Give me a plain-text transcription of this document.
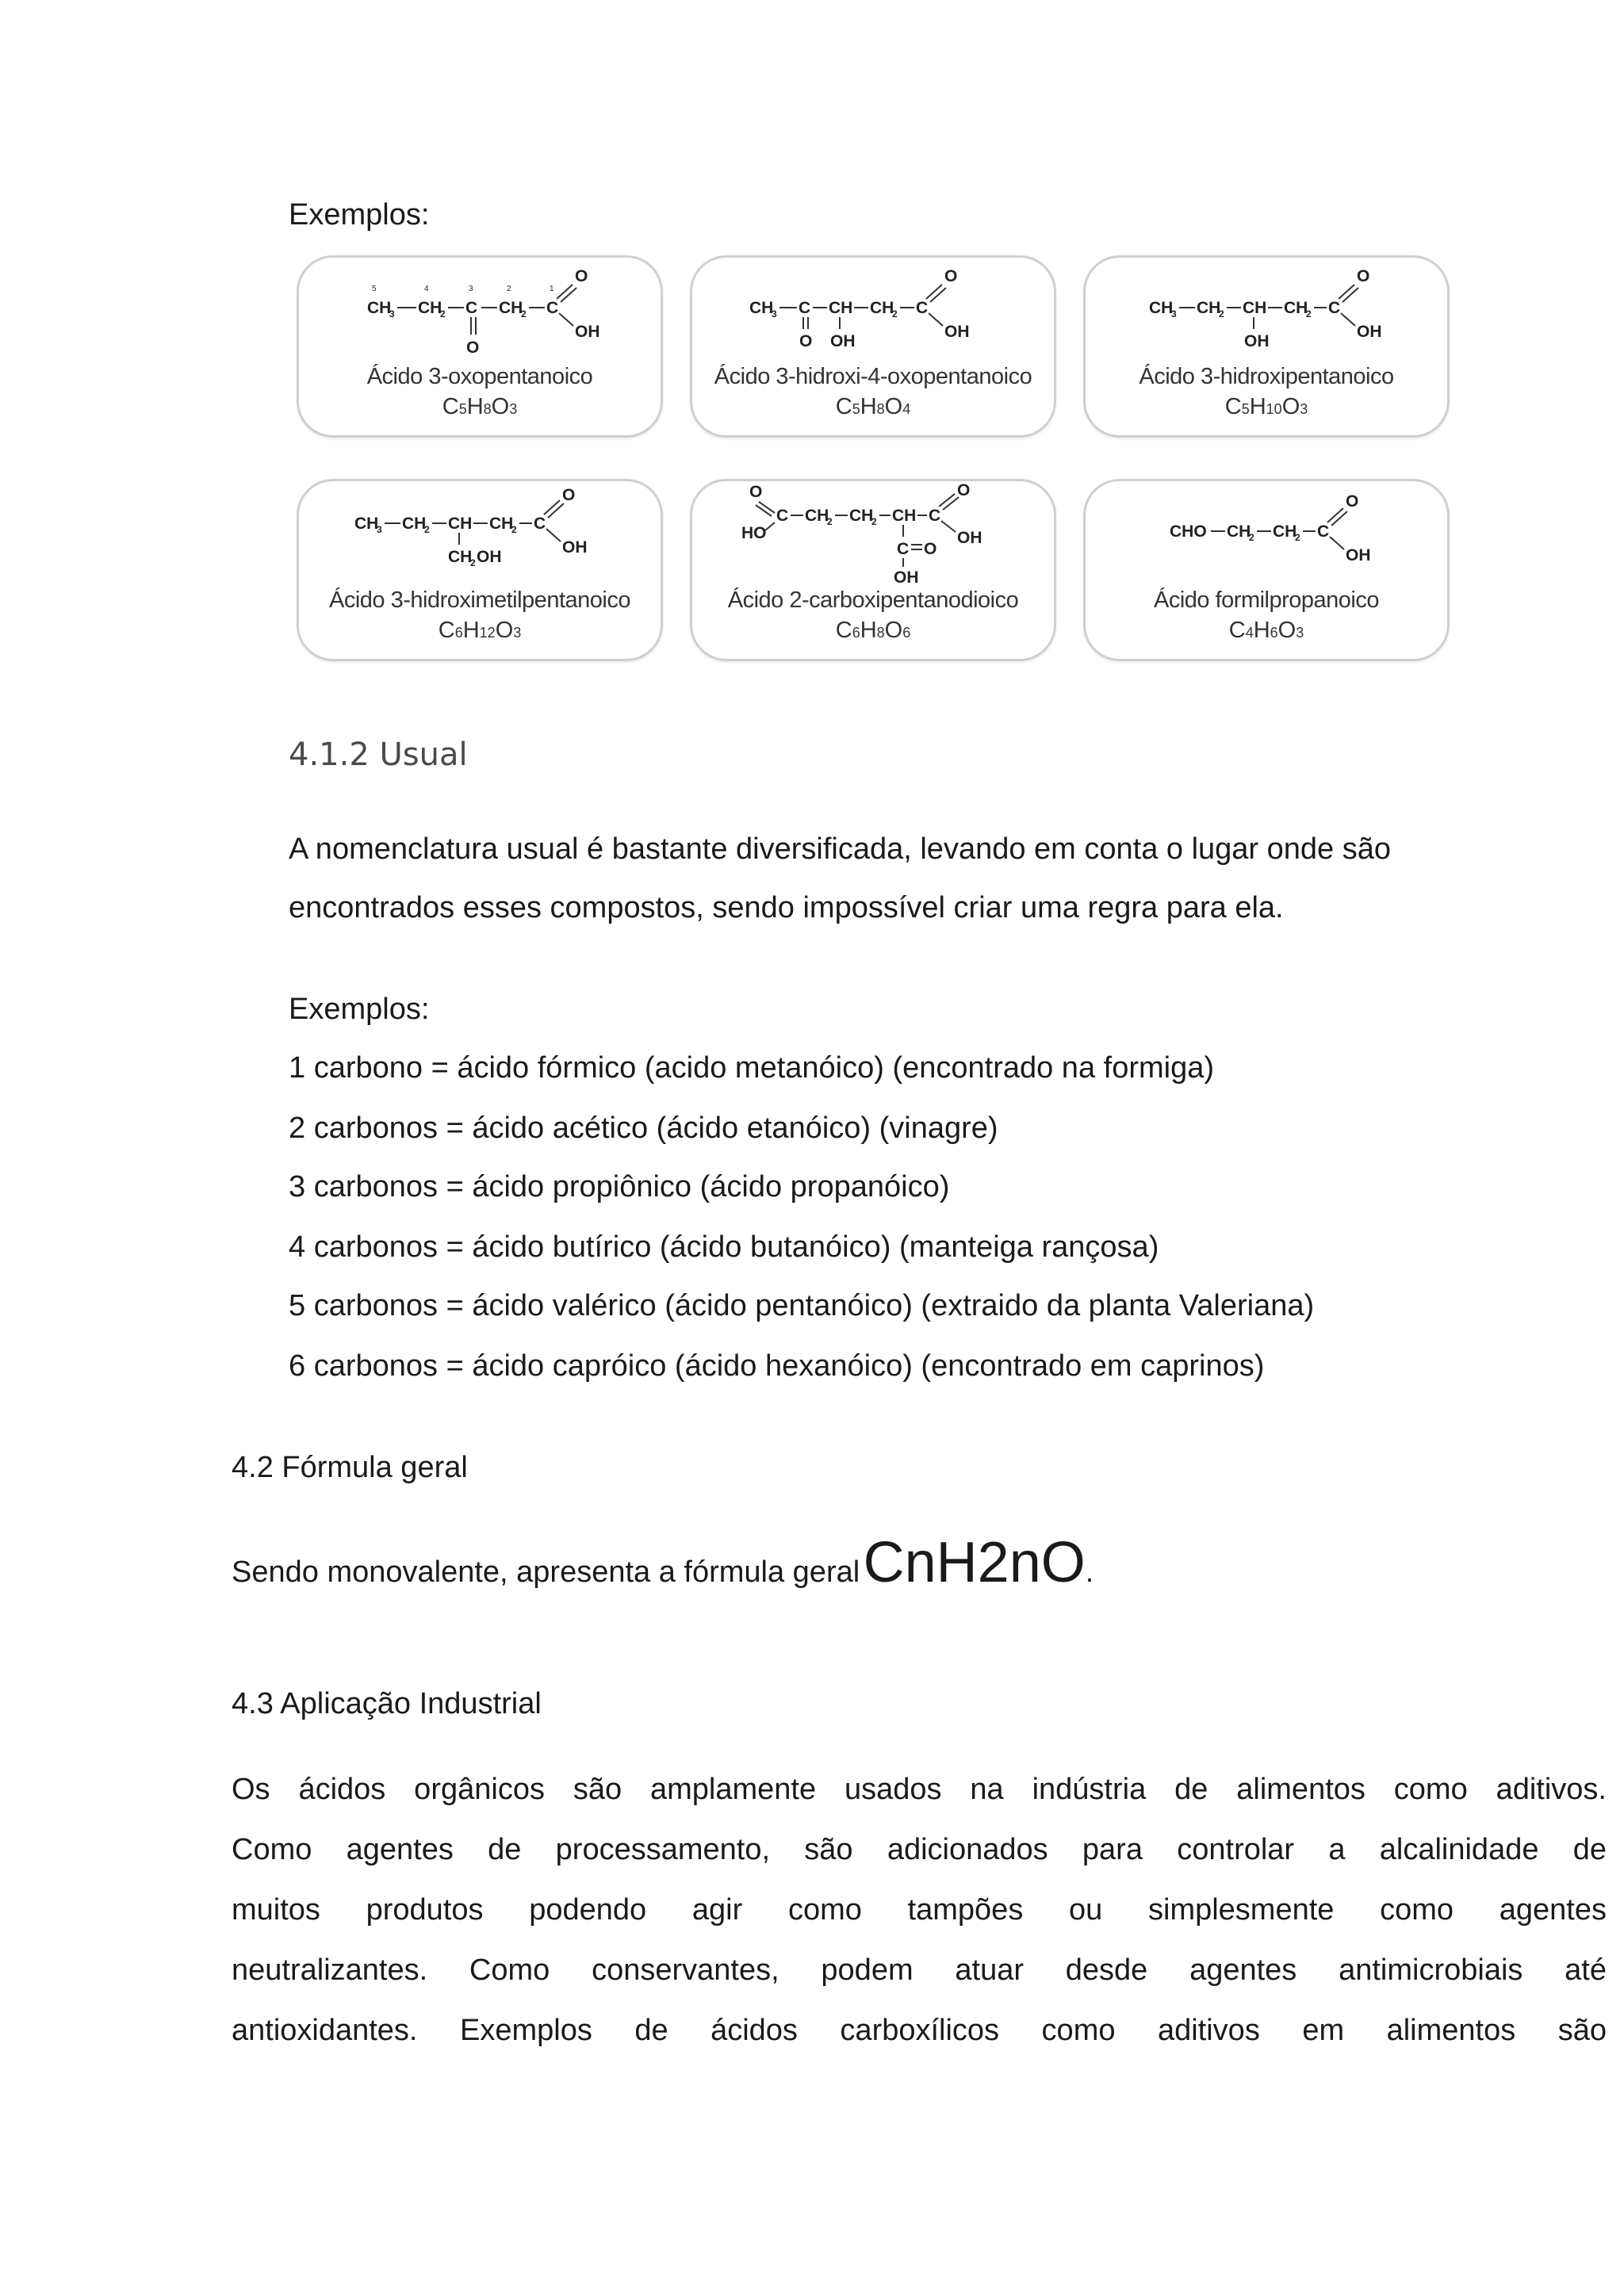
Exemplos:
5	4	3	2	1
CH
3 CH
2 C CH
2 C
O
O
OH
Ácido 3-oxopentanoico
C5H8O3
CH
3 C CH CH
2 C
O OH
O
OH
Ácido 3-hidroxi-4-oxopentanoico
C5H8O4
CH
3 CH
2 CH CH
2 C
OH
O
OH
Ácido 3-hidroxipentanoico
C5H10O3
CH
3 CH
2 CH CH
2 C
CH
2 OH
O
OH
Ácido 3-hidroximetilpentanoico
C6H12O3
O
HO
C CH
2 CH
2 CH C
O
OH
C O
OH
Ácido 2-carboxipentanodioico
C6H8O6
CHO CH
2 CH
2 C
O
OH
Ácido formilpropanoico
C4H6O3
4.1.2 Usual
A nomenclatura usual é bastante diversificada, levando em conta o lugar onde são
encontrados esses compostos, sendo impossível criar uma regra para ela.
Exemplos:
1 carbono = ácido fórmico (acido metanóico) (encontrado na formiga)
2 carbonos = ácido acético (ácido etanóico) (vinagre)
3 carbonos = ácido propiônico (ácido propanóico)
4 carbonos = ácido butírico (ácido butanóico) (manteiga rançosa)
5 carbonos = ácido valérico (ácido pentanóico) (extraido da planta Valeriana)
6 carbonos = ácido capróico (ácido hexanóico) (encontrado em caprinos)
4.2 Fórmula geral
Sendo monovalente, apresenta a fórmula geral CnH2nO.
4.3 Aplicação Industrial
Os ácidos orgânicos são amplamente usados na indústria de alimentos como aditivos.
Como agentes de processamento, são adicionados para controlar a alcalinidade de
muitos produtos podendo agir como tampões ou simplesmente como agentes
neutralizantes. Como conservantes, podem atuar desde agentes antimicrobiais até
antioxidantes. Exemplos de ácidos carboxílicos como aditivos em alimentos são
